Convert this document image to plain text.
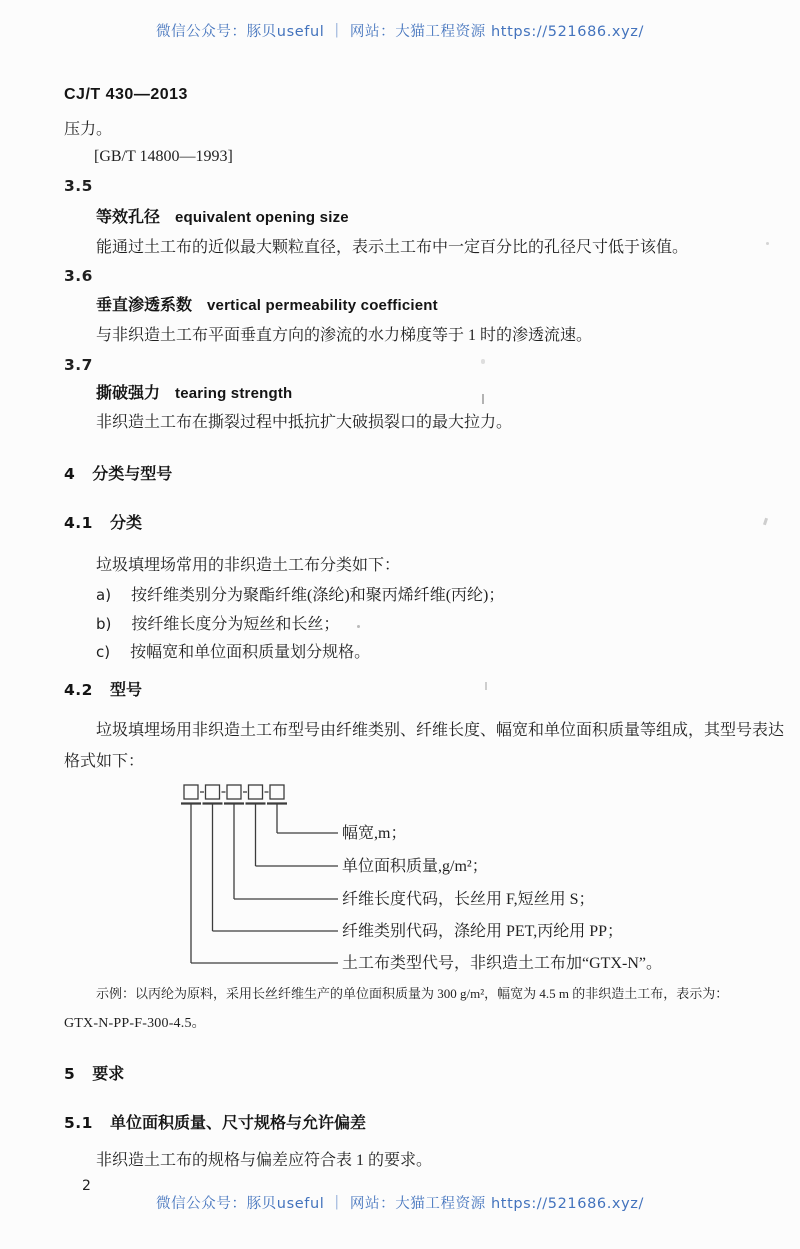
微信公众号：豚贝useful ｜ 网站：大猫工程资源 https://521686.xyz/
CJ/T 430—2013
压力。
[GB/T 14800—1993]
3.5
等效孔径 equivalent opening size
能通过土工布的近似最大颗粒直径，表示土工布中一定百分比的孔径尺寸低于该值。
3.6
垂直渗透系数 vertical permeability coefficient
与非织造土工布平面垂直方向的渗流的水力梯度等于 1 时的渗透流速。
3.7
撕破强力 tearing strength
非织造土工布在撕裂过程中抵抗扩大破损裂口的最大拉力。
4 分类与型号
4.1 分类
垃圾填埋场常用的非织造土工布分类如下：
a) 按纤维类别分为聚酯纤维(涤纶)和聚丙烯纤维(丙纶)；
b) 按纤维长度分为短丝和长丝；
c) 按幅宽和单位面积质量划分规格。
4.2 型号
垃圾填埋场用非织造土工布型号由纤维类别、纤维长度、幅宽和单位面积质量等组成，其型号表达
格式如下：
幅宽,m；
单位面积质量,g/m²；
纤维长度代码，长丝用 F,短丝用 S；
纤维类别代码，涤纶用 PET,丙纶用 PP；
土工布类型代号，非织造土工布加“GTX-N”。
示例：以丙纶为原料，采用长丝纤维生产的单位面积质量为 300 g/m²，幅宽为 4.5 m 的非织造土工布，表示为：
GTX-N-PP-F-300-4.5。
5 要求
5.1 单位面积质量、尺寸规格与允许偏差
非织造土工布的规格与偏差应符合表 1 的要求。
2
微信公众号：豚贝useful ｜ 网站：大猫工程资源 https://521686.xyz/
